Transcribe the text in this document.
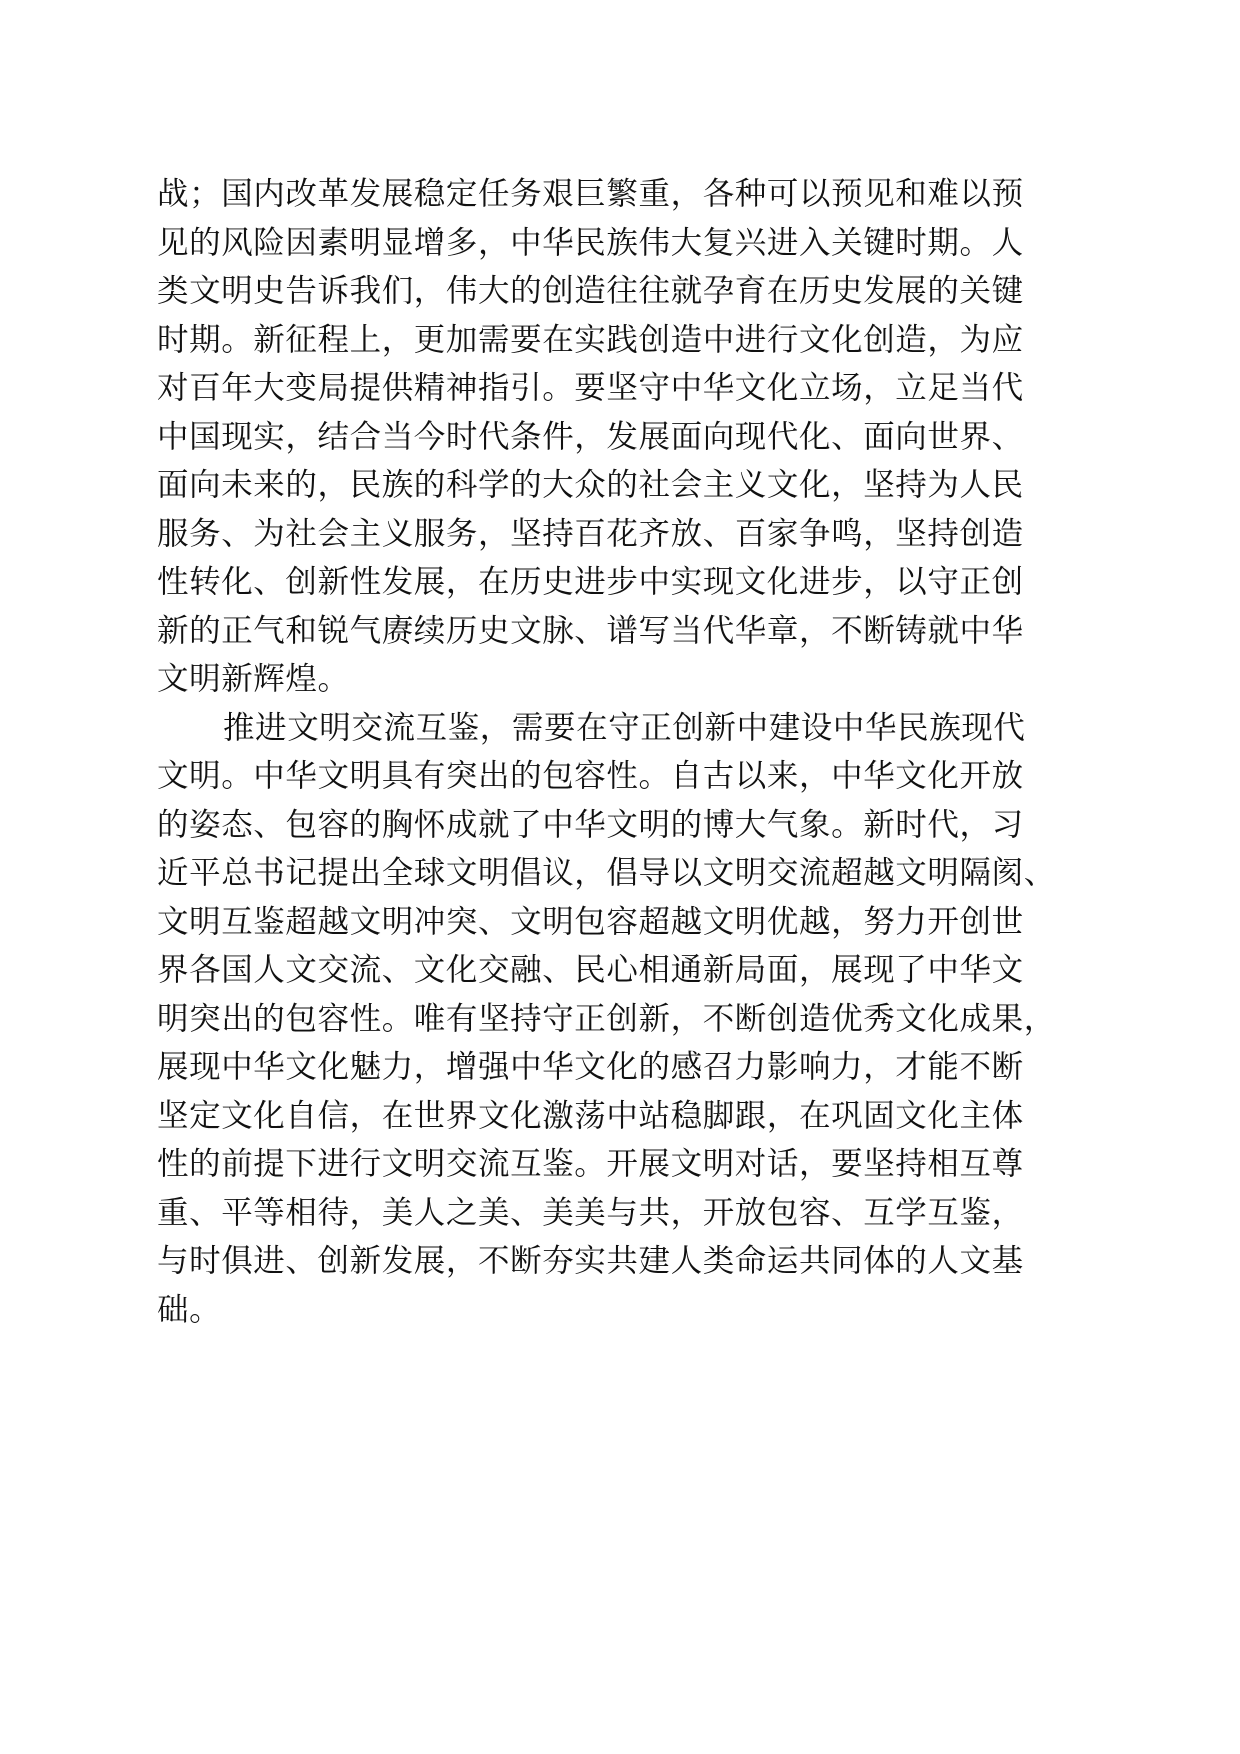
战；国内改革发展稳定任务艰巨繁重，各种可以预见和难以预
见的风险因素明显增多，中华民族伟大复兴进入关键时期。人
类文明史告诉我们，伟大的创造往往就孕育在历史发展的关键
时期。新征程上，更加需要在实践创造中进行文化创造，为应
对百年大变局提供精神指引。要坚守中华文化立场，立足当代
中国现实，结合当今时代条件，发展面向现代化、面向世界、
面向未来的，民族的科学的大众的社会主义文化，坚持为人民
服务、为社会主义服务，坚持百花齐放、百家争鸣，坚持创造
性转化、创新性发展，在历史进步中实现文化进步，以守正创
新的正气和锐气赓续历史文脉、谱写当代华章，不断铸就中华
文明新辉煌。
推进文明交流互鉴，需要在守正创新中建设中华民族现代
文明。中华文明具有突出的包容性。自古以来，中华文化开放
的姿态、包容的胸怀成就了中华文明的博大气象。新时代，习
近平总书记提出全球文明倡议，倡导以文明交流超越文明隔阂、
文明互鉴超越文明冲突、文明包容超越文明优越，努力开创世
界各国人文交流、文化交融、民心相通新局面，展现了中华文
明突出的包容性。唯有坚持守正创新，不断创造优秀文化成果，
展现中华文化魅力，增强中华文化的感召力影响力，才能不断
坚定文化自信，在世界文化激荡中站稳脚跟，在巩固文化主体
性的前提下进行文明交流互鉴。开展文明对话，要坚持相互尊
重、平等相待，美人之美、美美与共，开放包容、互学互鉴，
与时俱进、创新发展，不断夯实共建人类命运共同体的人文基
础。
